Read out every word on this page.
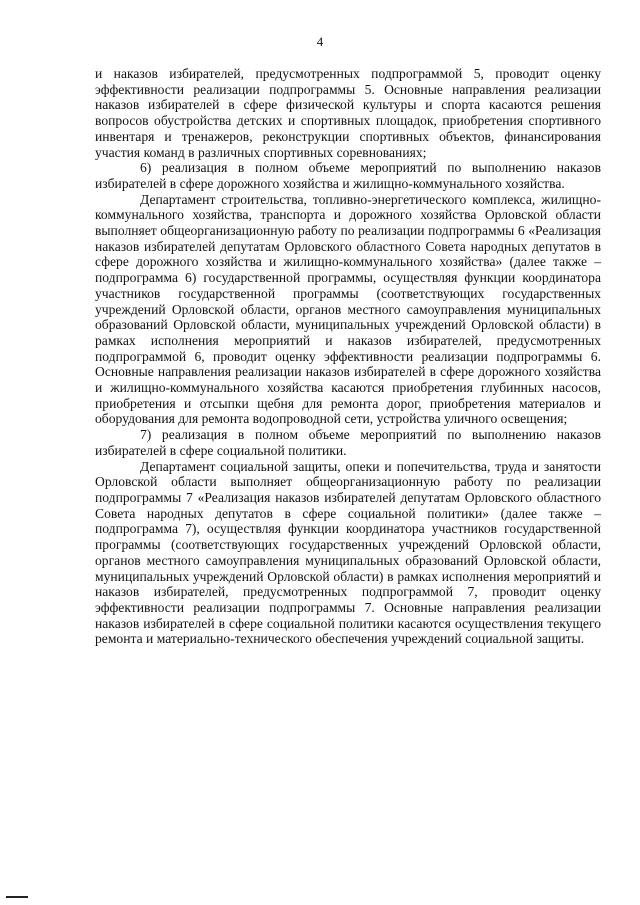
4

и наказов избирателей, предусмотренных подпрограммой 5, проводит оценку эффективности реализации подпрограммы 5. Основные направления реализации наказов избирателей в сфере физической культуры и спорта касаются решения вопросов обустройства детских и спортивных площадок, приобретения спортивного инвентаря и тренажеров, реконструкции спортивных объектов, финансирования участия команд в различных спортивных соревнованиях;

6) реализация в полном объеме мероприятий по выполнению наказов избирателей в сфере дорожного хозяйства и жилищно-коммунального хозяйства.

Департамент строительства, топливно-энергетического комплекса, жилищно-коммунального хозяйства, транспорта и дорожного хозяйства Орловской области выполняет общеорганизационную работу по реализации подпрограммы 6 «Реализация наказов избирателей депутатам Орловского областного Совета народных депутатов в сфере дорожного хозяйства и жилищно-коммунального хозяйства» (далее также – подпрограмма 6) государственной программы, осуществляя функции координатора участников государственной программы (соответствующих государственных учреждений Орловской области, органов местного самоуправления муниципальных образований Орловской области, муниципальных учреждений Орловской области) в рамках исполнения мероприятий и наказов избирателей, предусмотренных подпрограммой 6, проводит оценку эффективности реализации подпрограммы 6. Основные направления реализации наказов избирателей в сфере дорожного хозяйства и жилищно-коммунального хозяйства касаются приобретения глубинных насосов, приобретения и отсыпки щебня для ремонта дорог, приобретения материалов и оборудования для ремонта водопроводной сети, устройства уличного освещения;

7) реализация в полном объеме мероприятий по выполнению наказов избирателей в сфере социальной политики.

Департамент социальной защиты, опеки и попечительства, труда и занятости Орловской области выполняет общеорганизационную работу по реализации подпрограммы 7 «Реализация наказов избирателей депутатам Орловского областного Совета народных депутатов в сфере социальной политики» (далее также – подпрограмма 7), осуществляя функции координатора участников государственной программы (соответствующих государственных учреждений Орловской области, органов местного самоуправления муниципальных образований Орловской области, муниципальных учреждений Орловской области) в рамках исполнения мероприятий и наказов избирателей, предусмотренных подпрограммой 7, проводит оценку эффективности реализации подпрограммы 7. Основные направления реализации наказов избирателей в сфере социальной политики касаются осуществления текущего ремонта и материально-технического обеспечения учреждений социальной защиты.
